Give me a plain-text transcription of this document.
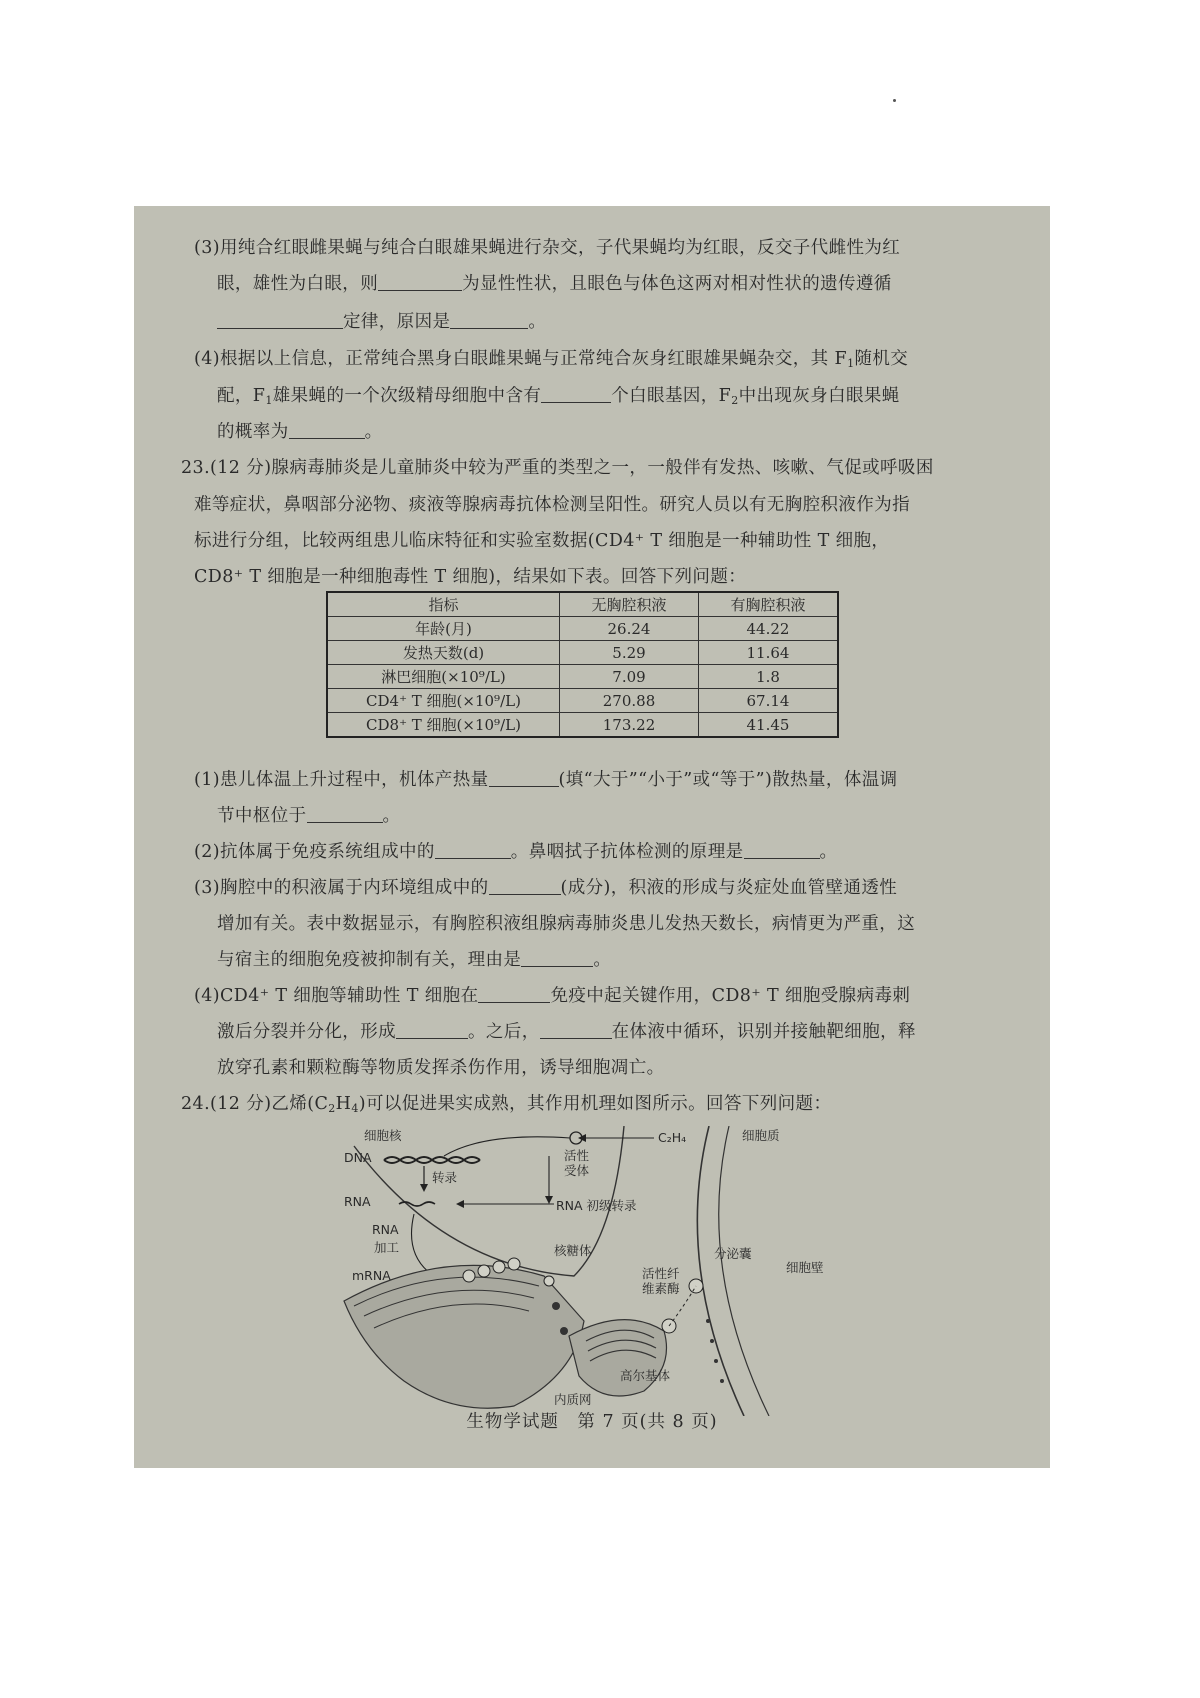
(3)用纯合红眼雌果蝇与纯合白眼雄果蝇进行杂交，子代果蝇均为红眼，反交子代雌性为红
眼，雄性为白眼，则	为显性性状，且眼色与体色这两对相对性状的遗传遵循
定律，原因是	。
(4)根据以上信息，正常纯合黑身白眼雌果蝇与正常纯合灰身红眼雄果蝇杂交，其 F1随机交
配，F1雄果蝇的一个次级精母细胞中含有	个白眼基因，F2中出现灰身白眼果蝇
的概率为	。
23.(12 分)腺病毒肺炎是儿童肺炎中较为严重的类型之一，一般伴有发热、咳嗽、气促或呼吸困
难等症状，鼻咽部分泌物、痰液等腺病毒抗体检测呈阳性。研究人员以有无胸腔积液作为指
标进行分组，比较两组患儿临床特征和实验室数据(CD4⁺ T 细胞是一种辅助性 T 细胞，
CD8⁺ T 细胞是一种细胞毒性 T 细胞)，结果如下表。回答下列问题：
指标	无胸腔积液	有胸腔积液
年龄(月)	26.24	44.22
发热天数(d)	5.29	11.64
淋巴细胞(×10⁹/L)	7.09	1.8
CD4⁺ T 细胞(×10⁹/L)	270.88	67.14
CD8⁺ T 细胞(×10⁹/L)	173.22	41.45
(1)患儿体温上升过程中，机体产热量	(填“大于”“小于”或“等于”)散热量，体温调
节中枢位于	。
(2)抗体属于免疫系统组成中的	。鼻咽拭子抗体检测的原理是	。
(3)胸腔中的积液属于内环境组成中的	(成分)，积液的形成与炎症处血管壁通透性
增加有关。表中数据显示，有胸腔积液组腺病毒肺炎患儿发热天数长，病情更为严重，这
与宿主的细胞免疫被抑制有关，理由是	。
(4)CD4⁺ T 细胞等辅助性 T 细胞在	免疫中起关键作用，CD8⁺ T 细胞受腺病毒刺
激后分裂并分化，形成	。之后，	在体液中循环，识别并接触靶细胞，释
放穿孔素和颗粒酶等物质发挥杀伤作用，诱导细胞凋亡。
24.(12 分)乙烯(C2H4)可以促进果实成熟，其作用机理如图所示。回答下列问题：
细胞核
DNA
转录
RNA
RNA
加工
mRNA
活性
受体
C₂H₄
RNA 初级转录
核糖体
细胞质
分泌囊
细胞壁
活性纤
维素酶
高尔基体
内质网
生物学试题　第 7 页(共 8 页)
